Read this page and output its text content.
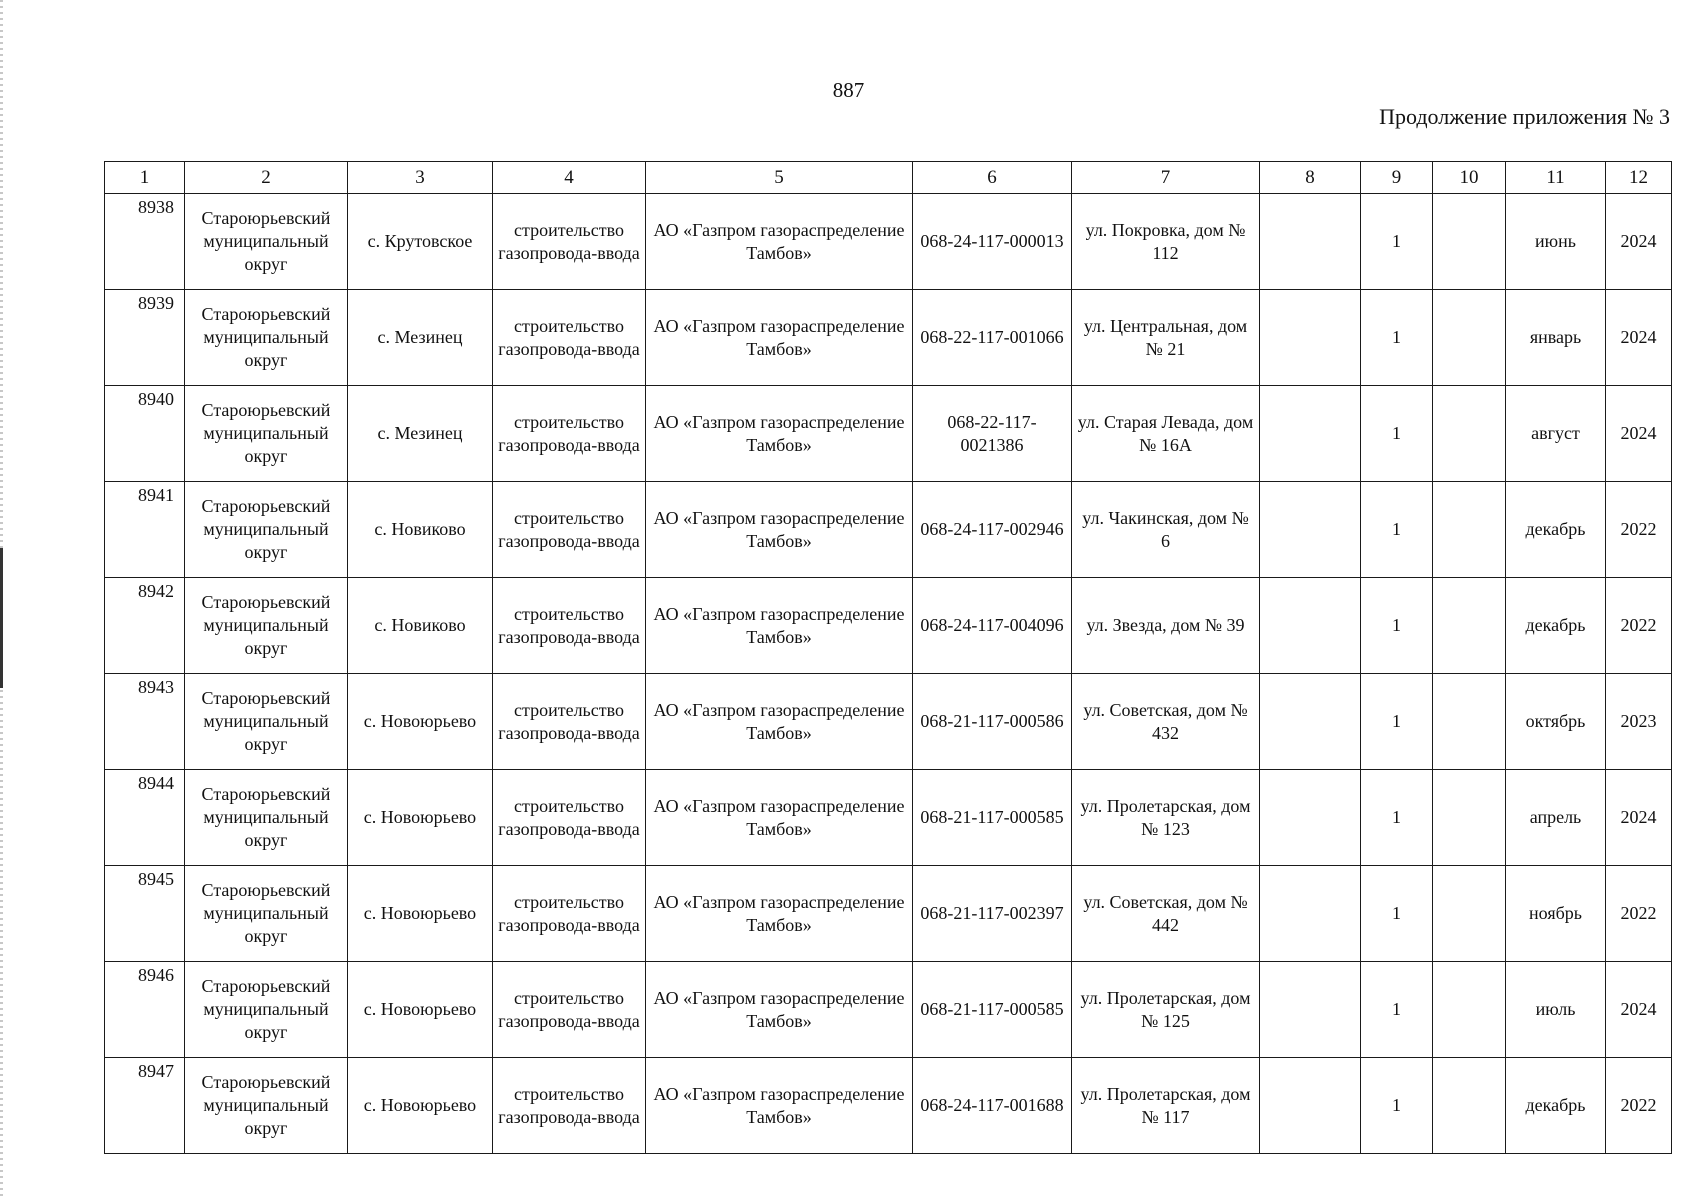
887
Продолжение приложения № 3
1	2	3	4	5	6	7	8	9	10	11	12
8938	Староюрьевский муниципальный округ	с. Крутовское	строительство газопровода-ввода	АО «Газпром газораспределение Тамбов»	068-24-117-000013	ул. Покровка, дом № 112		1		июнь	2024
8939	Староюрьевский муниципальный округ	с. Мезинец	строительство газопровода-ввода	АО «Газпром газораспределение Тамбов»	068-22-117-001066	ул. Центральная, дом № 21		1		январь	2024
8940	Староюрьевский муниципальный округ	с. Мезинец	строительство газопровода-ввода	АО «Газпром газораспределение Тамбов»	068-22-117-0021386	ул. Старая Левада, дом № 16А		1		август	2024
8941	Староюрьевский муниципальный округ	с. Новиково	строительство газопровода-ввода	АО «Газпром газораспределение Тамбов»	068-24-117-002946	ул. Чакинская, дом № 6		1		декабрь	2022
8942	Староюрьевский муниципальный округ	с. Новиково	строительство газопровода-ввода	АО «Газпром газораспределение Тамбов»	068-24-117-004096	ул. Звезда, дом № 39		1		декабрь	2022
8943	Староюрьевский муниципальный округ	с. Новоюрьево	строительство газопровода-ввода	АО «Газпром газораспределение Тамбов»	068-21-117-000586	ул. Советская, дом № 432		1		октябрь	2023
8944	Староюрьевский муниципальный округ	с. Новоюрьево	строительство газопровода-ввода	АО «Газпром газораспределение Тамбов»	068-21-117-000585	ул. Пролетарская, дом № 123		1		апрель	2024
8945	Староюрьевский муниципальный округ	с. Новоюрьево	строительство газопровода-ввода	АО «Газпром газораспределение Тамбов»	068-21-117-002397	ул. Советская, дом № 442		1		ноябрь	2022
8946	Староюрьевский муниципальный округ	с. Новоюрьево	строительство газопровода-ввода	АО «Газпром газораспределение Тамбов»	068-21-117-000585	ул. Пролетарская, дом № 125		1		июль	2024
8947	Староюрьевский муниципальный округ	с. Новоюрьево	строительство газопровода-ввода	АО «Газпром газораспределение Тамбов»	068-24-117-001688	ул. Пролетарская, дом № 117		1		декабрь	2022
